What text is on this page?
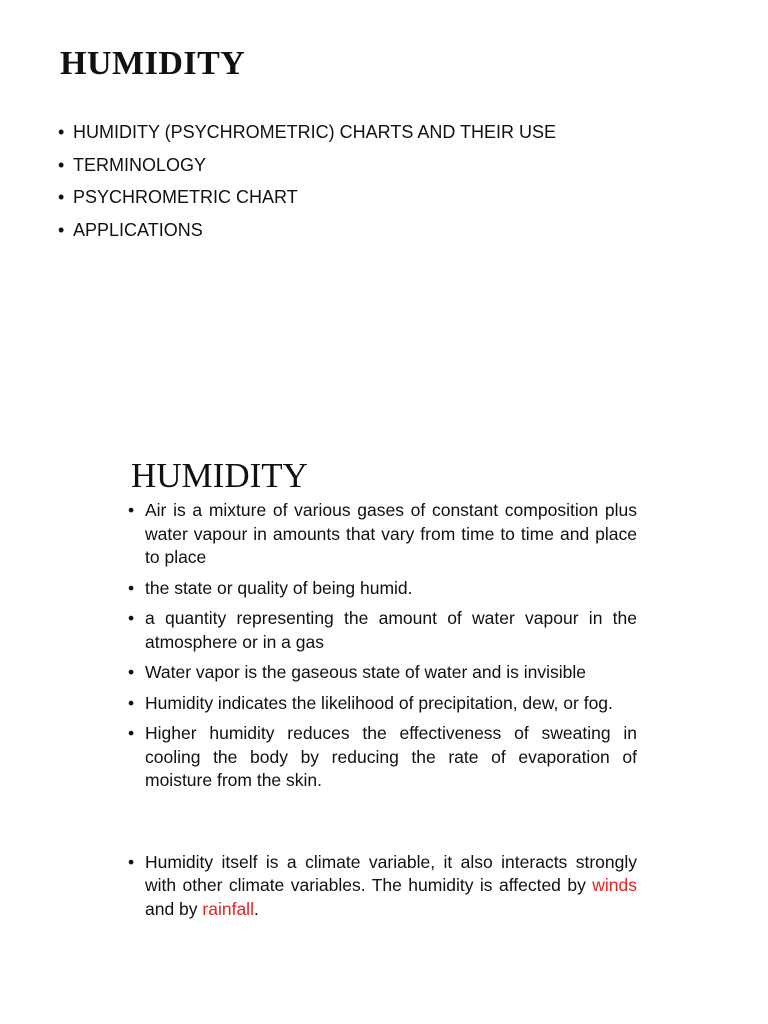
HUMIDITY
• HUMIDITY (PSYCHROMETRIC) CHARTS AND THEIR USE
• TERMINOLOGY
• PSYCHROMETRIC CHART
• APPLICATIONS
HUMIDITY
• Air is a mixture of various gases of constant composition plus water vapour in amounts that vary from time to time and place to place
• the state or quality of being humid.
• a quantity representing the amount of water vapour in the atmosphere or in a gas
• Water vapor is the gaseous state of water and is invisible
• Humidity indicates the likelihood of precipitation, dew, or fog.
• Higher humidity reduces the effectiveness of sweating in cooling the body by reducing the rate of evaporation of moisture from the skin.
• Humidity itself is a climate variable, it also interacts strongly with other climate variables. The humidity is affected by winds and by rainfall.
